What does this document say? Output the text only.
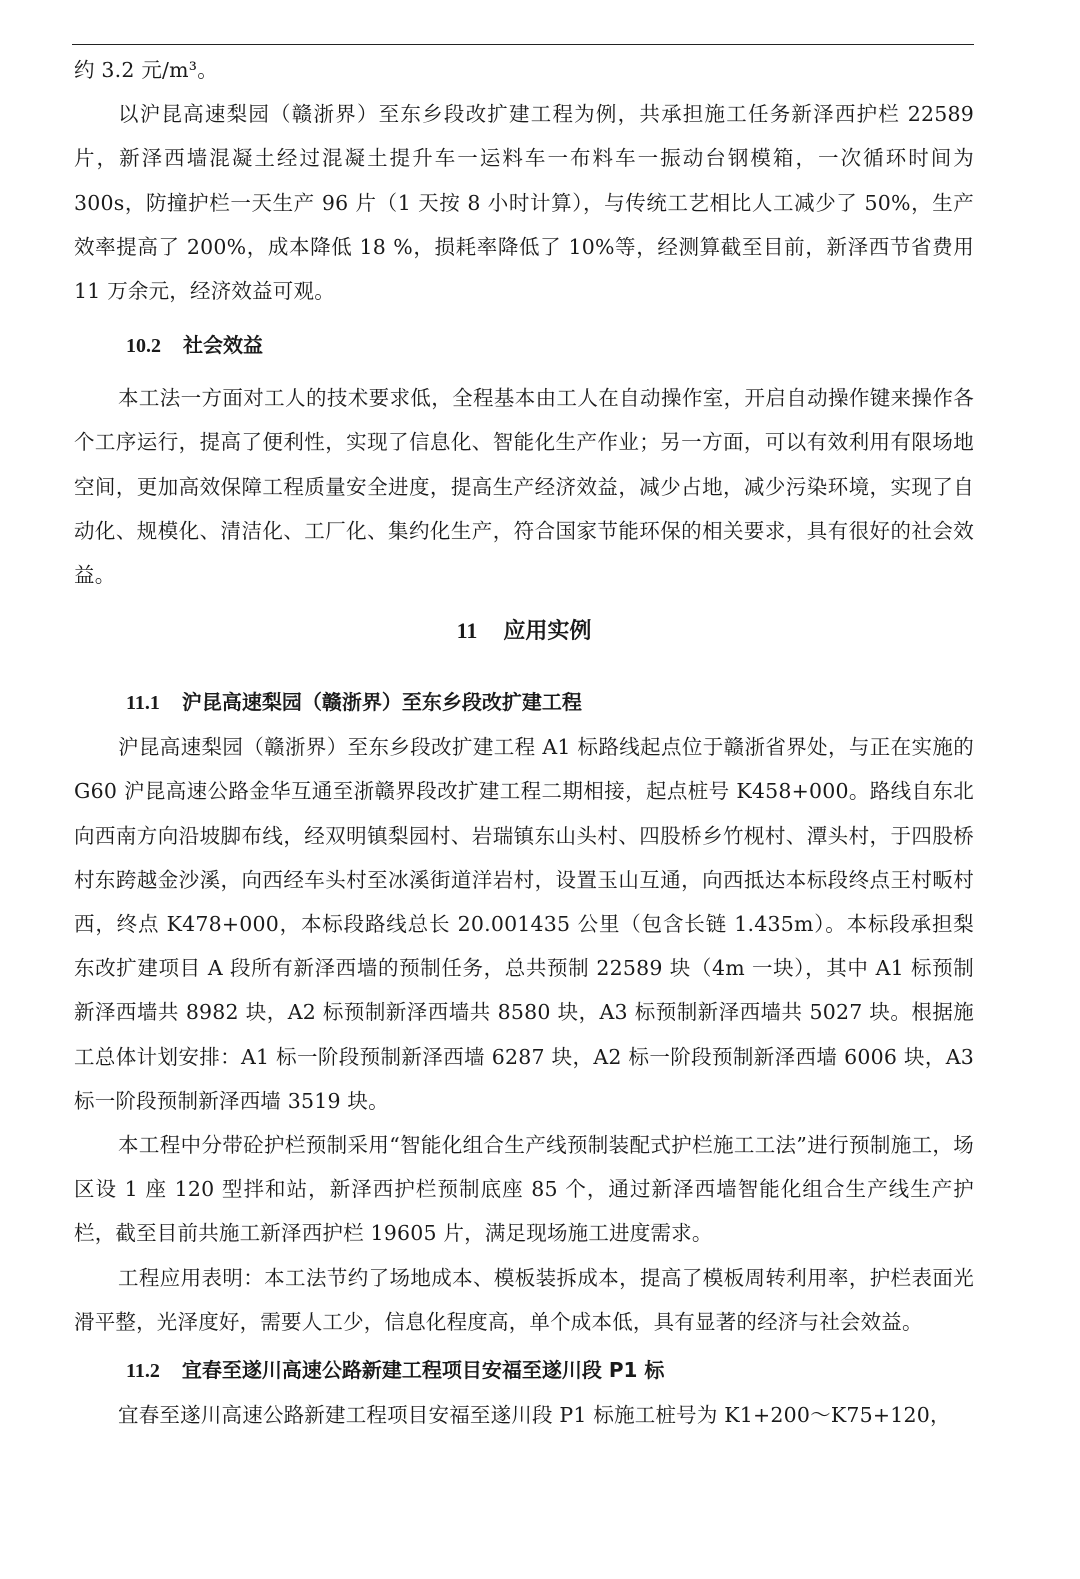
约 3.2 元/m³。

以沪昆高速梨园（赣浙界）至东乡段改扩建工程为例，共承担施工任务新泽西护栏 22589 片，新泽西墙混凝土经过混凝土提升车一运料车一布料车一振动台钢模箱，一次循环时间为 300s，防撞护栏一天生产 96 片（1 天按 8 小时计算），与传统工艺相比人工减少了 50%，生产效率提高了 200%，成本降低 18 %，损耗率降低了 10%等，经测算截至目前，新泽西节省费用 11 万余元，经济效益可观。

10.2 社会效益

本工法一方面对工人的技术要求低，全程基本由工人在自动操作室，开启自动操作键来操作各个工序运行，提高了便利性，实现了信息化、智能化生产作业；另一方面，可以有效利用有限场地空间，更加高效保障工程质量安全进度，提高生产经济效益，减少占地，减少污染环境，实现了自动化、规模化、清洁化、工厂化、集约化生产，符合国家节能环保的相关要求，具有很好的社会效益。

11 应用实例
11.1 沪昆高速梨园（赣浙界）至东乡段改扩建工程

沪昆高速梨园（赣浙界）至东乡段改扩建工程 A1 标路线起点位于赣浙省界处，与正在实施的 G60 沪昆高速公路金华互通至浙赣界段改扩建工程二期相接，起点桩号 K458+000。路线自东北向西南方向沿坡脚布线，经双明镇梨园村、岩瑞镇东山头村、四股桥乡竹枧村、潭头村，于四股桥村东跨越金沙溪，向西经车头村至冰溪街道洋岩村，设置玉山互通，向西抵达本标段终点王村畈村西，终点 K478+000，本标段路线总长 20.001435 公里（包含长链 1.435m）。本标段承担梨东改扩建项目 A 段所有新泽西墙的预制任务，总共预制 22589 块（4m 一块），其中 A1 标预制新泽西墙共 8982 块，A2 标预制新泽西墙共 8580 块，A3 标预制新泽西墙共 5027 块。根据施工总体计划安排：A1 标一阶段预制新泽西墙 6287 块，A2 标一阶段预制新泽西墙 6006 块，A3 标一阶段预制新泽西墙 3519 块。

本工程中分带砼护栏预制采用“智能化组合生产线预制装配式护栏施工工法”进行预制施工，场区设 1 座 120 型拌和站，新泽西护栏预制底座 85 个，通过新泽西墙智能化组合生产线生产护栏，截至目前共施工新泽西护栏 19605 片，满足现场施工进度需求。

工程应用表明：本工法节约了场地成本、模板装拆成本，提高了模板周转利用率，护栏表面光滑平整，光泽度好，需要人工少，信息化程度高，单个成本低，具有显著的经济与社会效益。

11.2 宜春至遂川高速公路新建工程项目安福至遂川段 P1 标

宜春至遂川高速公路新建工程项目安福至遂川段 P1 标施工桩号为 K1+200～K75+120，
